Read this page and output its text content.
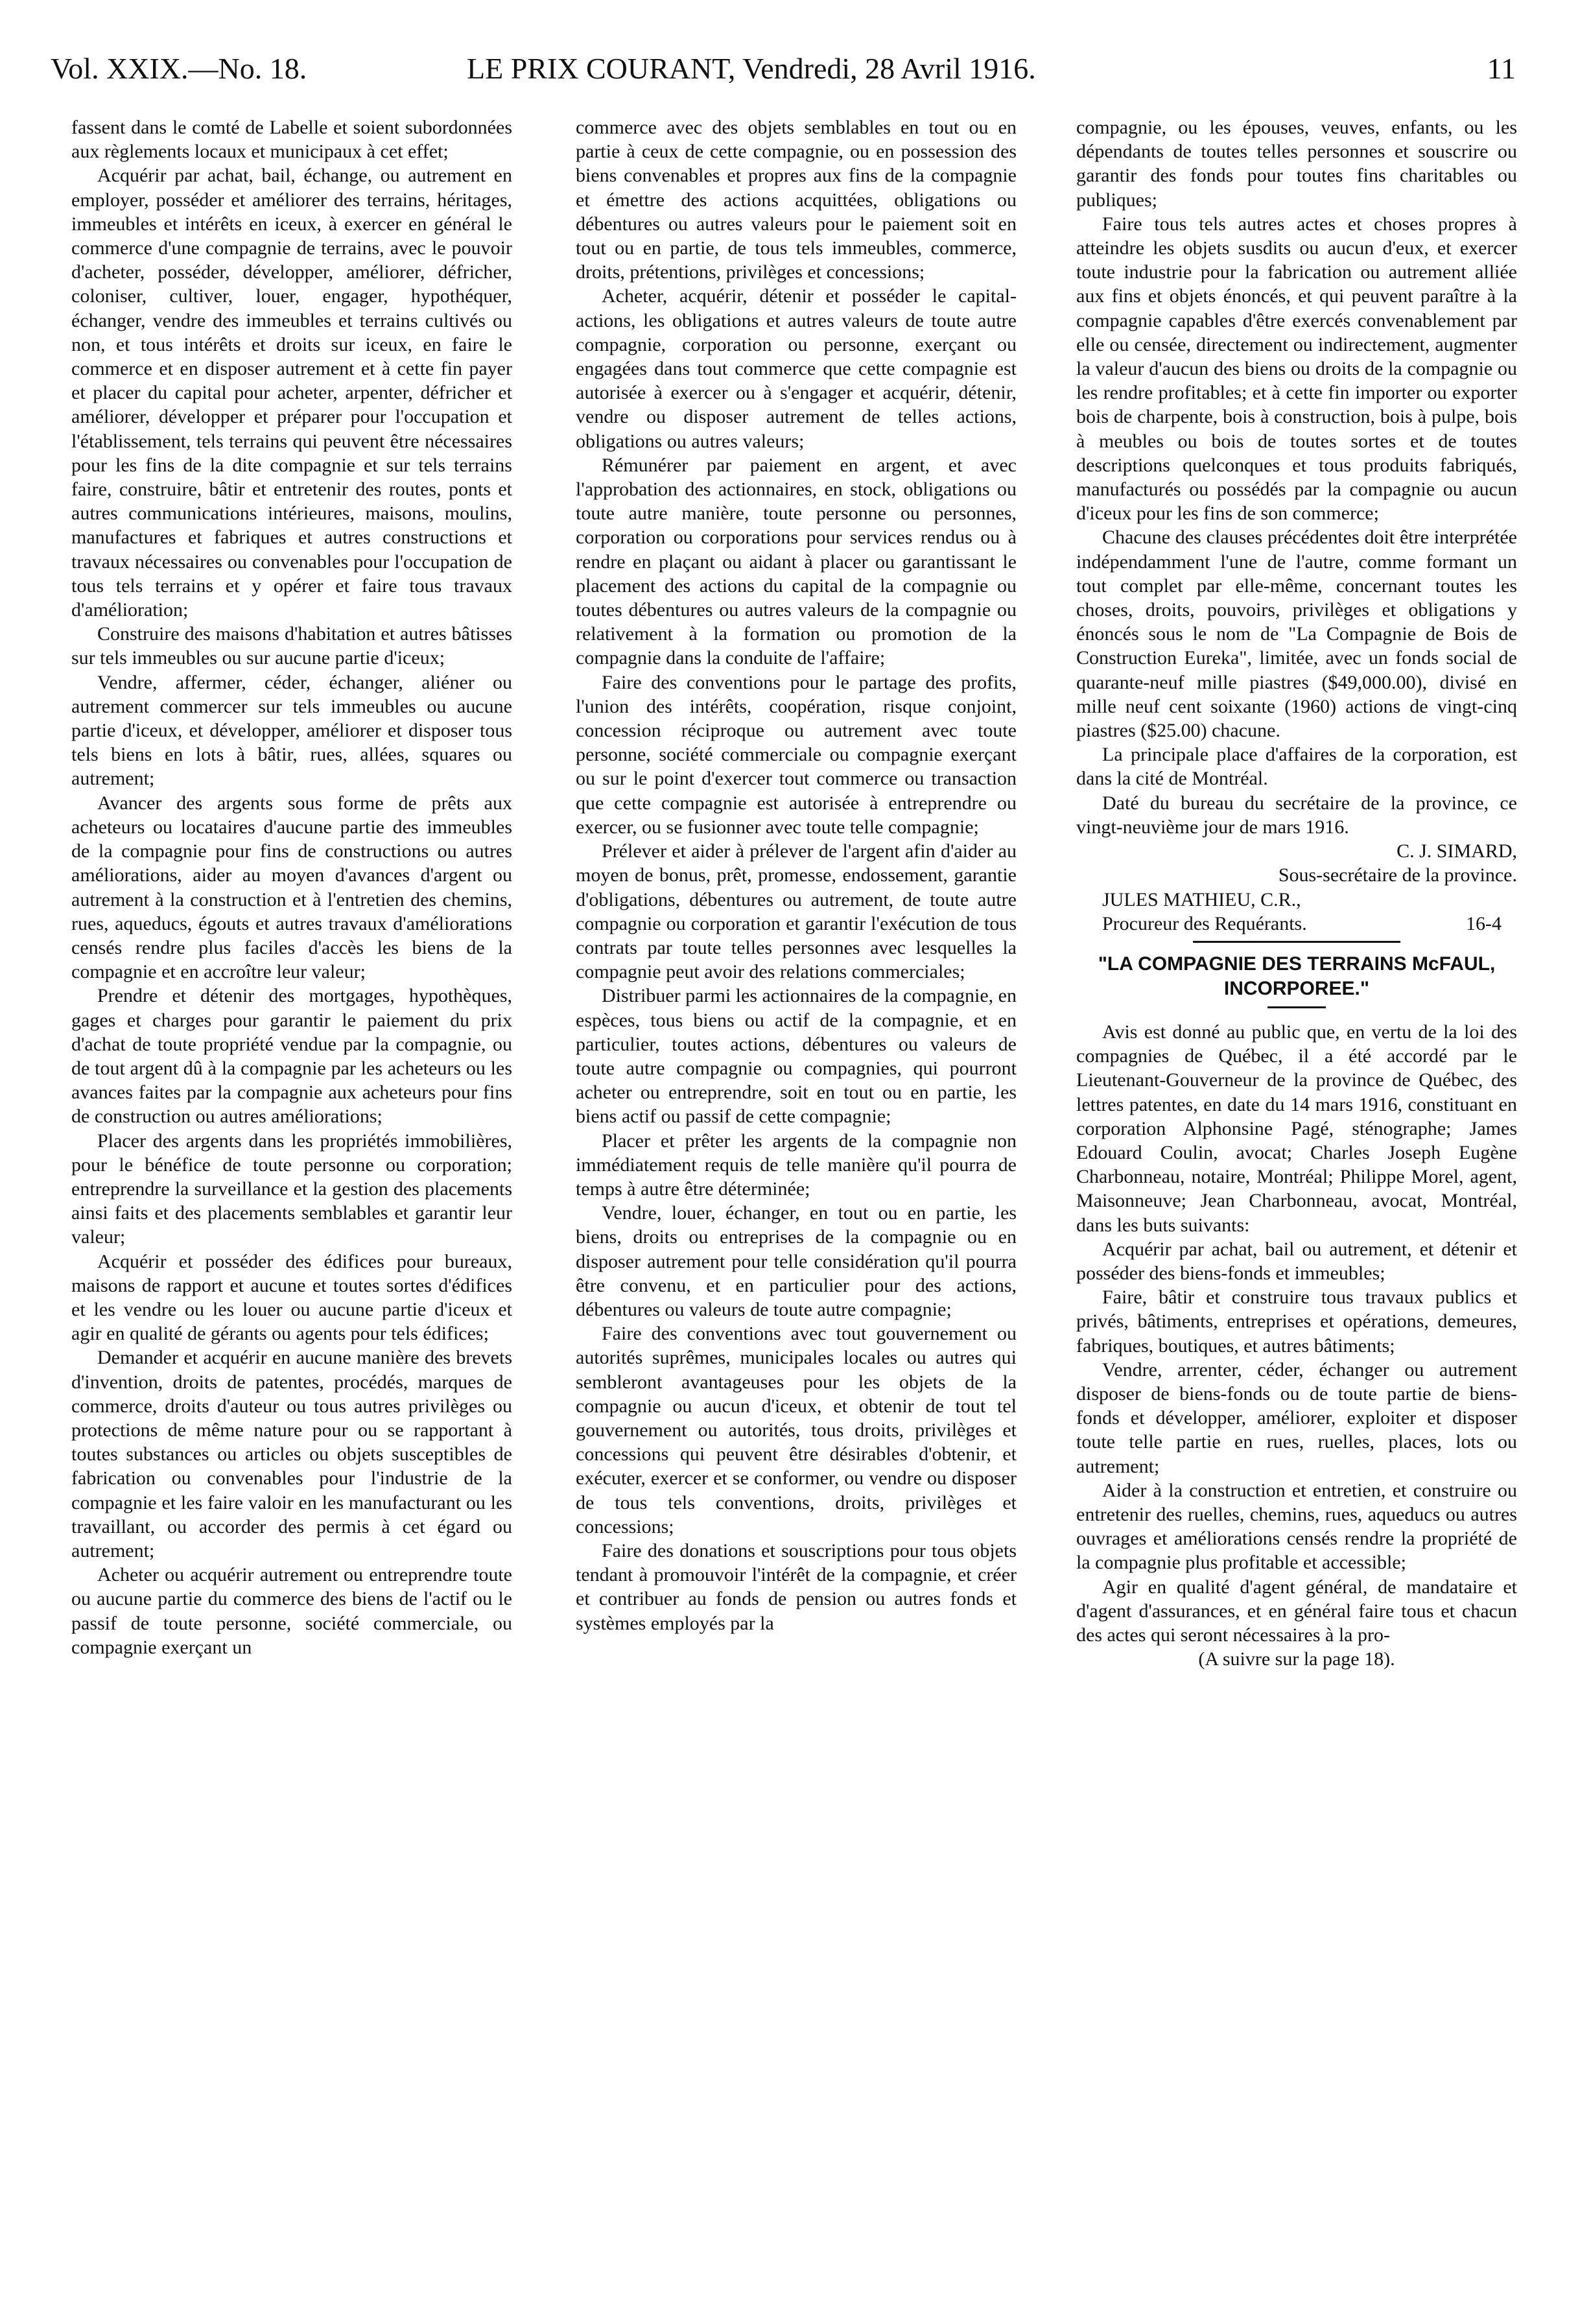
Vol. XXIX.—No. 18.	LE PRIX COURANT, Vendredi, 28 Avril 1916.	11

fassent dans le comté de Labelle et soient subordonnées aux règlements locaux et municipaux à cet effet;

Acquérir par achat, bail, échange, ou autrement en employer, posséder et améliorer des terrains, héritages, immeubles et intérêts en iceux, à exercer en général le commerce d'une compagnie de terrains, avec le pouvoir d'acheter, posséder, développer, améliorer, défricher, coloniser, cultiver, louer, engager, hypothéquer, échanger, vendre des immeubles et terrains cultivés ou non, et tous intérêts et droits sur iceux, en faire le commerce et en disposer autrement et à cette fin payer et placer du capital pour acheter, arpenter, défricher et améliorer, développer et préparer pour l'occupation et l'établissement, tels terrains qui peuvent être nécessaires pour les fins de la dite compagnie et sur tels terrains faire, construire, bâtir et entretenir des routes, ponts et autres communications intérieures, maisons, moulins, manufactures et fabriques et autres constructions et travaux nécessaires ou convenables pour l'occupation de tous tels terrains et y opérer et faire tous travaux d'amélioration;

Construire des maisons d'habitation et autres bâtisses sur tels immeubles ou sur aucune partie d'iceux;

Vendre, affermer, céder, échanger, aliéner ou autrement commercer sur tels immeubles ou aucune partie d'iceux, et développer, améliorer et disposer tous tels biens en lots à bâtir, rues, allées, squares ou autrement;

Avancer des argents sous forme de prêts aux acheteurs ou locataires d'aucune partie des immeubles de la compagnie pour fins de constructions ou autres améliorations, aider au moyen d'avances d'argent ou autrement à la construction et à l'entretien des chemins, rues, aqueducs, égouts et autres travaux d'améliorations censés rendre plus faciles d'accès les biens de la compagnie et en accroître leur valeur;

Prendre et détenir des mortgages, hypothèques, gages et charges pour garantir le paiement du prix d'achat de toute propriété vendue par la compagnie, ou de tout argent dû à la compagnie par les acheteurs ou les avances faites par la compagnie aux acheteurs pour fins de construction ou autres améliorations;

Placer des argents dans les propriétés immobilières, pour le bénéfice de toute personne ou corporation; entreprendre la surveillance et la gestion des placements ainsi faits et des placements semblables et garantir leur valeur;

Acquérir et posséder des édifices pour bureaux, maisons de rapport et aucune et toutes sortes d'édifices et les vendre ou les louer ou aucune partie d'iceux et agir en qualité de gérants ou agents pour tels édifices;

Demander et acquérir en aucune manière des brevets d'invention, droits de patentes, procédés, marques de commerce, droits d'auteur ou tous autres privilèges ou protections de même nature pour ou se rapportant à toutes substances ou articles ou objets susceptibles de fabrication ou convenables pour l'industrie de la compagnie et les faire valoir en les manufacturant ou les travaillant, ou accorder des permis à cet égard ou autrement;

Acheter ou acquérir autrement ou entreprendre toute ou aucune partie du commerce des biens de l'actif ou le passif de toute personne, société commerciale, ou compagnie exerçant un

commerce avec des objets semblables en tout ou en partie à ceux de cette compagnie, ou en possession des biens convenables et propres aux fins de la compagnie et émettre des actions acquittées, obligations ou débentures ou autres valeurs pour le paiement soit en tout ou en partie, de tous tels immeubles, commerce, droits, prétentions, privilèges et concessions;

Acheter, acquérir, détenir et posséder le capital-actions, les obligations et autres valeurs de toute autre compagnie, corporation ou personne, exerçant ou engagées dans tout commerce que cette compagnie est autorisée à exercer ou à s'engager et acquérir, détenir, vendre ou disposer autrement de telles actions, obligations ou autres valeurs;

Rémunérer par paiement en argent, et avec l'approbation des actionnaires, en stock, obligations ou toute autre manière, toute personne ou personnes, corporation ou corporations pour services rendus ou à rendre en plaçant ou aidant à placer ou garantissant le placement des actions du capital de la compagnie ou toutes débentures ou autres valeurs de la compagnie ou relativement à la formation ou promotion de la compagnie dans la conduite de l'affaire;

Faire des conventions pour le partage des profits, l'union des intérêts, coopération, risque conjoint, concession réciproque ou autrement avec toute personne, société commerciale ou compagnie exerçant ou sur le point d'exercer tout commerce ou transaction que cette compagnie est autorisée à entreprendre ou exercer, ou se fusionner avec toute telle compagnie;

Prélever et aider à prélever de l'argent afin d'aider au moyen de bonus, prêt, promesse, endossement, garantie d'obligations, débentures ou autrement, de toute autre compagnie ou corporation et garantir l'exécution de tous contrats par toute telles personnes avec lesquelles la compagnie peut avoir des relations commerciales;

Distribuer parmi les actionnaires de la compagnie, en espèces, tous biens ou actif de la compagnie, et en particulier, toutes actions, débentures ou valeurs de toute autre compagnie ou compagnies, qui pourront acheter ou entreprendre, soit en tout ou en partie, les biens actif ou passif de cette compagnie;

Placer et prêter les argents de la compagnie non immédiatement requis de telle manière qu'il pourra de temps à autre être déterminée;

Vendre, louer, échanger, en tout ou en partie, les biens, droits ou entreprises de la compagnie ou en disposer autrement pour telle considération qu'il pourra être convenu, et en particulier pour des actions, débentures ou valeurs de toute autre compagnie;

Faire des conventions avec tout gouvernement ou autorités suprêmes, municipales locales ou autres qui sembleront avantageuses pour les objets de la compagnie ou aucun d'iceux, et obtenir de tout tel gouvernement ou autorités, tous droits, privilèges et concessions qui peuvent être désirables d'obtenir, et exécuter, exercer et se conformer, ou vendre ou disposer de tous tels conventions, droits, privilèges et concessions;

Faire des donations et souscriptions pour tous objets tendant à promouvoir l'intérêt de la compagnie, et créer et contribuer au fonds de pension ou autres fonds et systèmes employés par la

compagnie, ou les épouses, veuves, enfants, ou les dépendants de toutes telles personnes et souscrire ou garantir des fonds pour toutes fins charitables ou publiques;

Faire tous tels autres actes et choses propres à atteindre les objets susdits ou aucun d'eux, et exercer toute industrie pour la fabrication ou autrement alliée aux fins et objets énoncés, et qui peuvent paraître à la compagnie capables d'être exercés convenablement par elle ou censée, directement ou indirectement, augmenter la valeur d'aucun des biens ou droits de la compagnie ou les rendre profitables; et à cette fin importer ou exporter bois de charpente, bois à construction, bois à pulpe, bois à meubles ou bois de toutes sortes et de toutes descriptions quelconques et tous produits fabriqués, manufacturés ou possédés par la compagnie ou aucun d'iceux pour les fins de son commerce;

Chacune des clauses précédentes doit être interprétée indépendamment l'une de l'autre, comme formant un tout complet par elle-même, concernant toutes les choses, droits, pouvoirs, privilèges et obligations y énoncés sous le nom de "La Compagnie de Bois de Construction Eureka", limitée, avec un fonds social de quarante-neuf mille piastres ($49,000.00), divisé en mille neuf cent soixante (1960) actions de vingt-cinq piastres ($25.00) chacune.

La principale place d'affaires de la corporation, est dans la cité de Montréal.

Daté du bureau du secrétaire de la province, ce vingt-neuvième jour de mars 1916.

C. J. SIMARD,

Sous-secrétaire de la province.

JULES MATHIEU, C.R.,

Procureur des Requérants.	16-4

"LA COMPAGNIE DES TERRAINS McFAUL, INCORPOREE."

Avis est donné au public que, en vertu de la loi des compagnies de Québec, il a été accordé par le Lieutenant-Gouverneur de la province de Québec, des lettres patentes, en date du 14 mars 1916, constituant en corporation Alphonsine Pagé, sténographe; James Edouard Coulin, avocat; Charles Joseph Eugène Charbonneau, notaire, Montréal; Philippe Morel, agent, Maisonneuve; Jean Charbonneau, avocat, Montréal, dans les buts suivants:

Acquérir par achat, bail ou autrement, et détenir et posséder des biens-fonds et immeubles;

Faire, bâtir et construire tous travaux publics et privés, bâtiments, entreprises et opérations, demeures, fabriques, boutiques, et autres bâtiments;

Vendre, arrenter, céder, échanger ou autrement disposer de biens-fonds ou de toute partie de biens-fonds et développer, améliorer, exploiter et disposer toute telle partie en rues, ruelles, places, lots ou autrement;

Aider à la construction et entretien, et construire ou entretenir des ruelles, chemins, rues, aqueducs ou autres ouvrages et améliorations censés rendre la propriété de la compagnie plus profitable et accessible;

Agir en qualité d'agent général, de mandataire et d'agent d'assurances, et en général faire tous et chacun des actes qui seront nécessaires à la pro-

(A suivre sur la page 18).
